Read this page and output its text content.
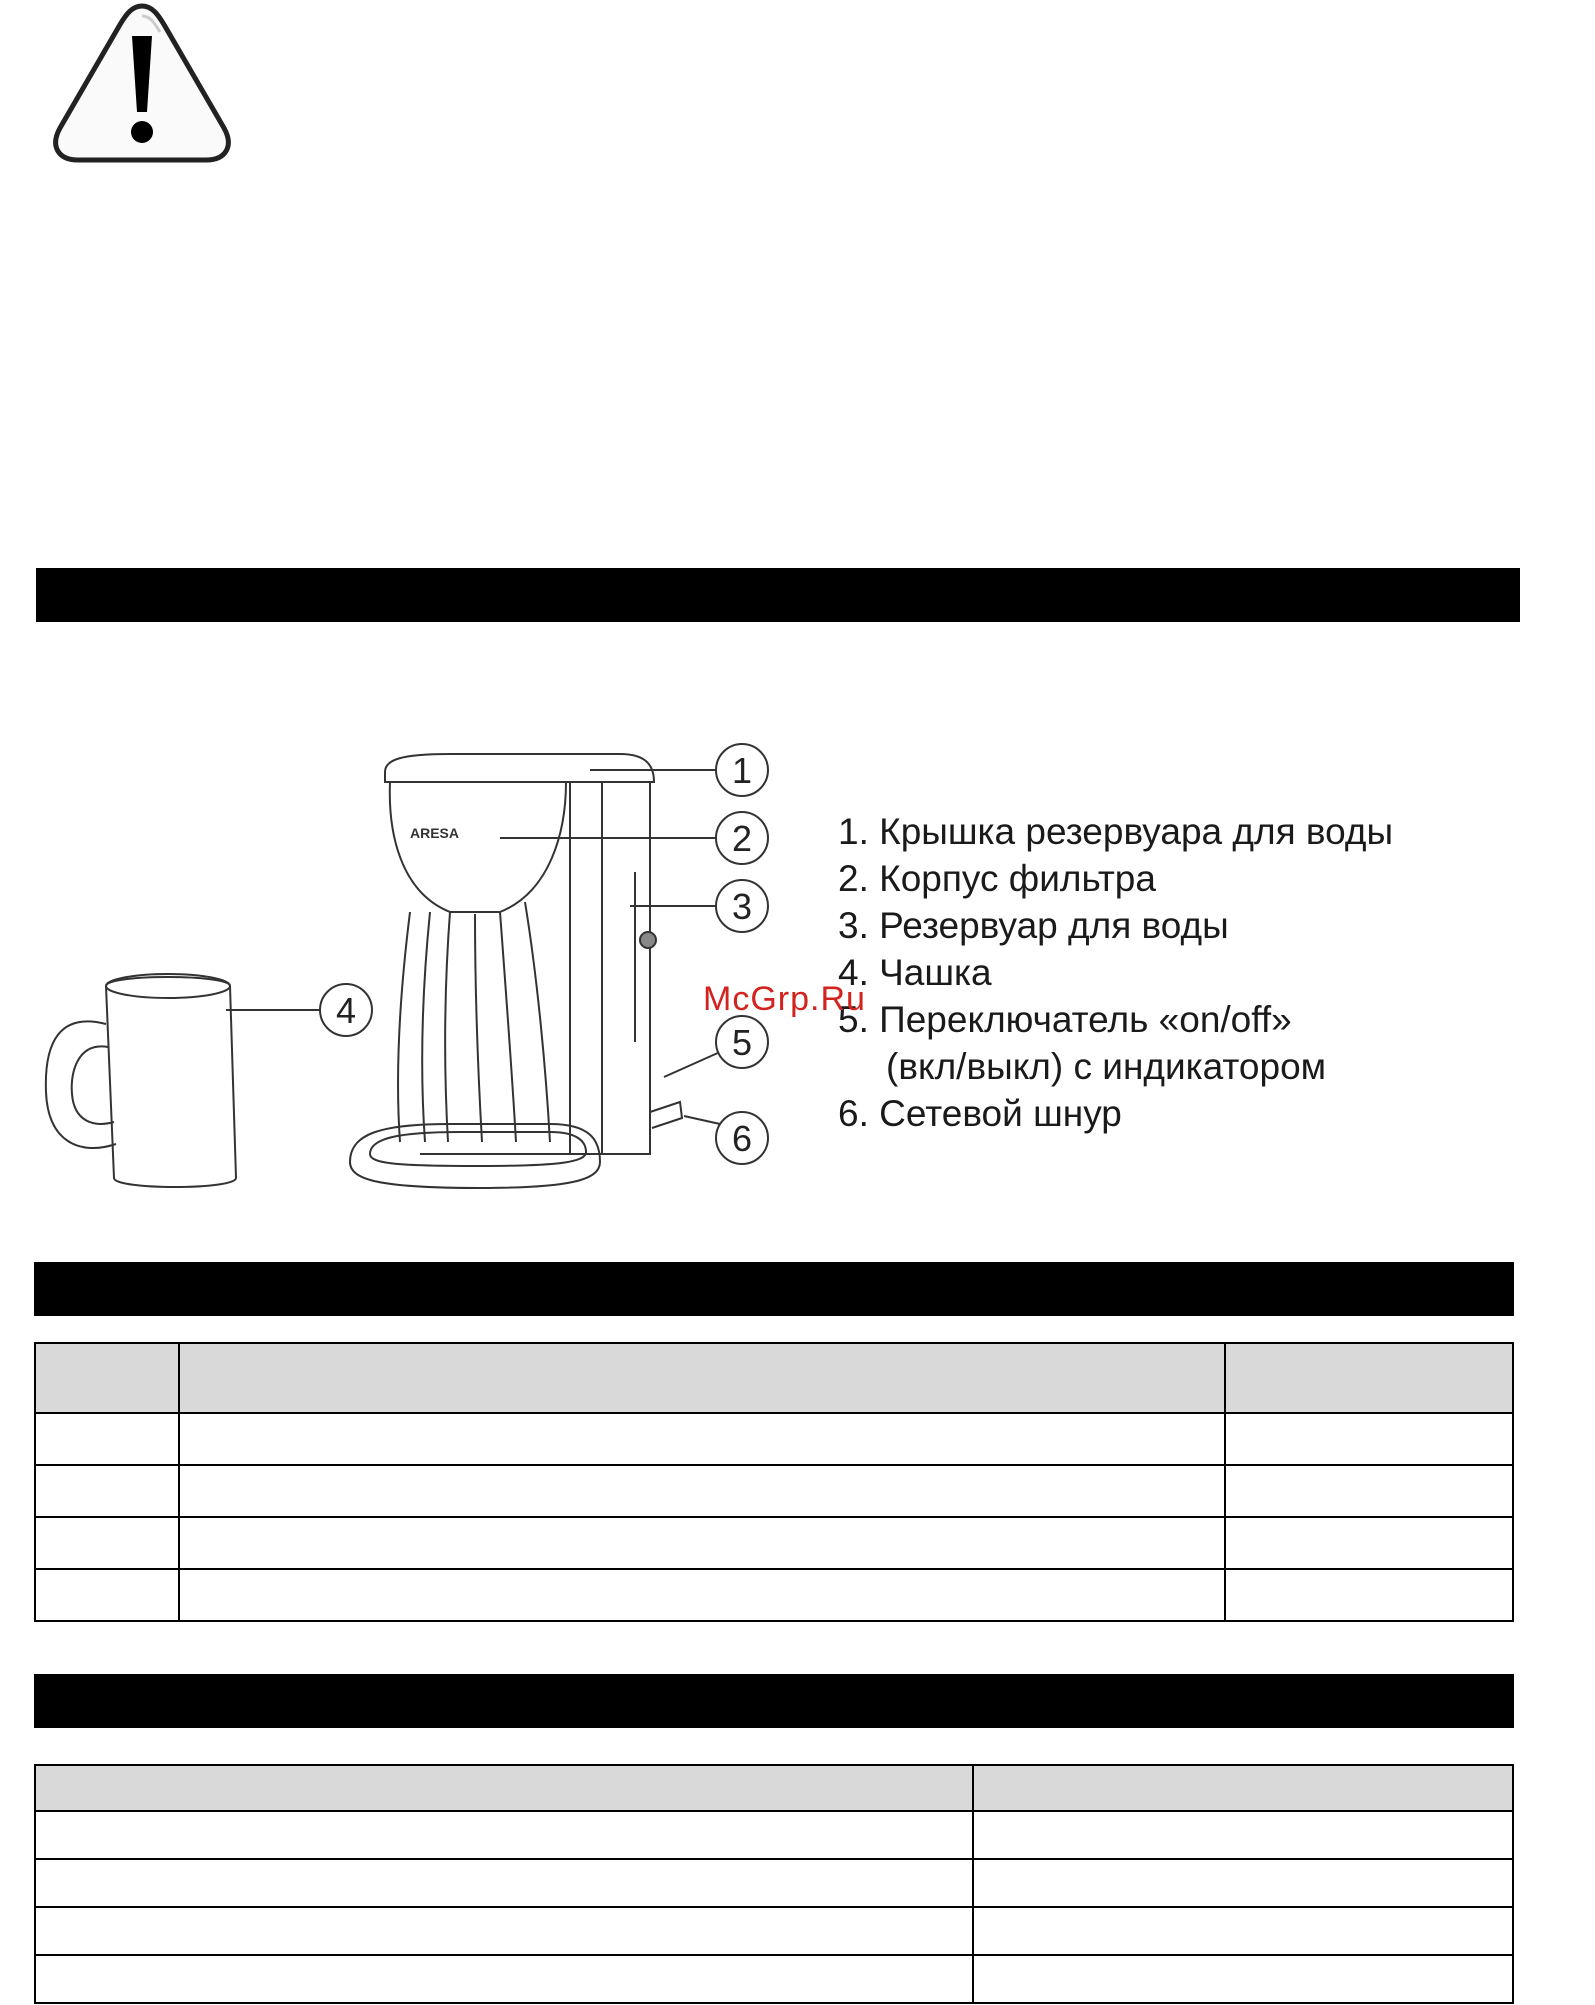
ARESA
1
2
3
4
5
6
1. Крышка резервуара для воды
2. Корпус фильтра
3. Резервуар для воды
4. Чашка
5. Переключатель «on/off»
(вкл/выкл) с индикатором
6. Сетевой шнур
McGrp.Ru
